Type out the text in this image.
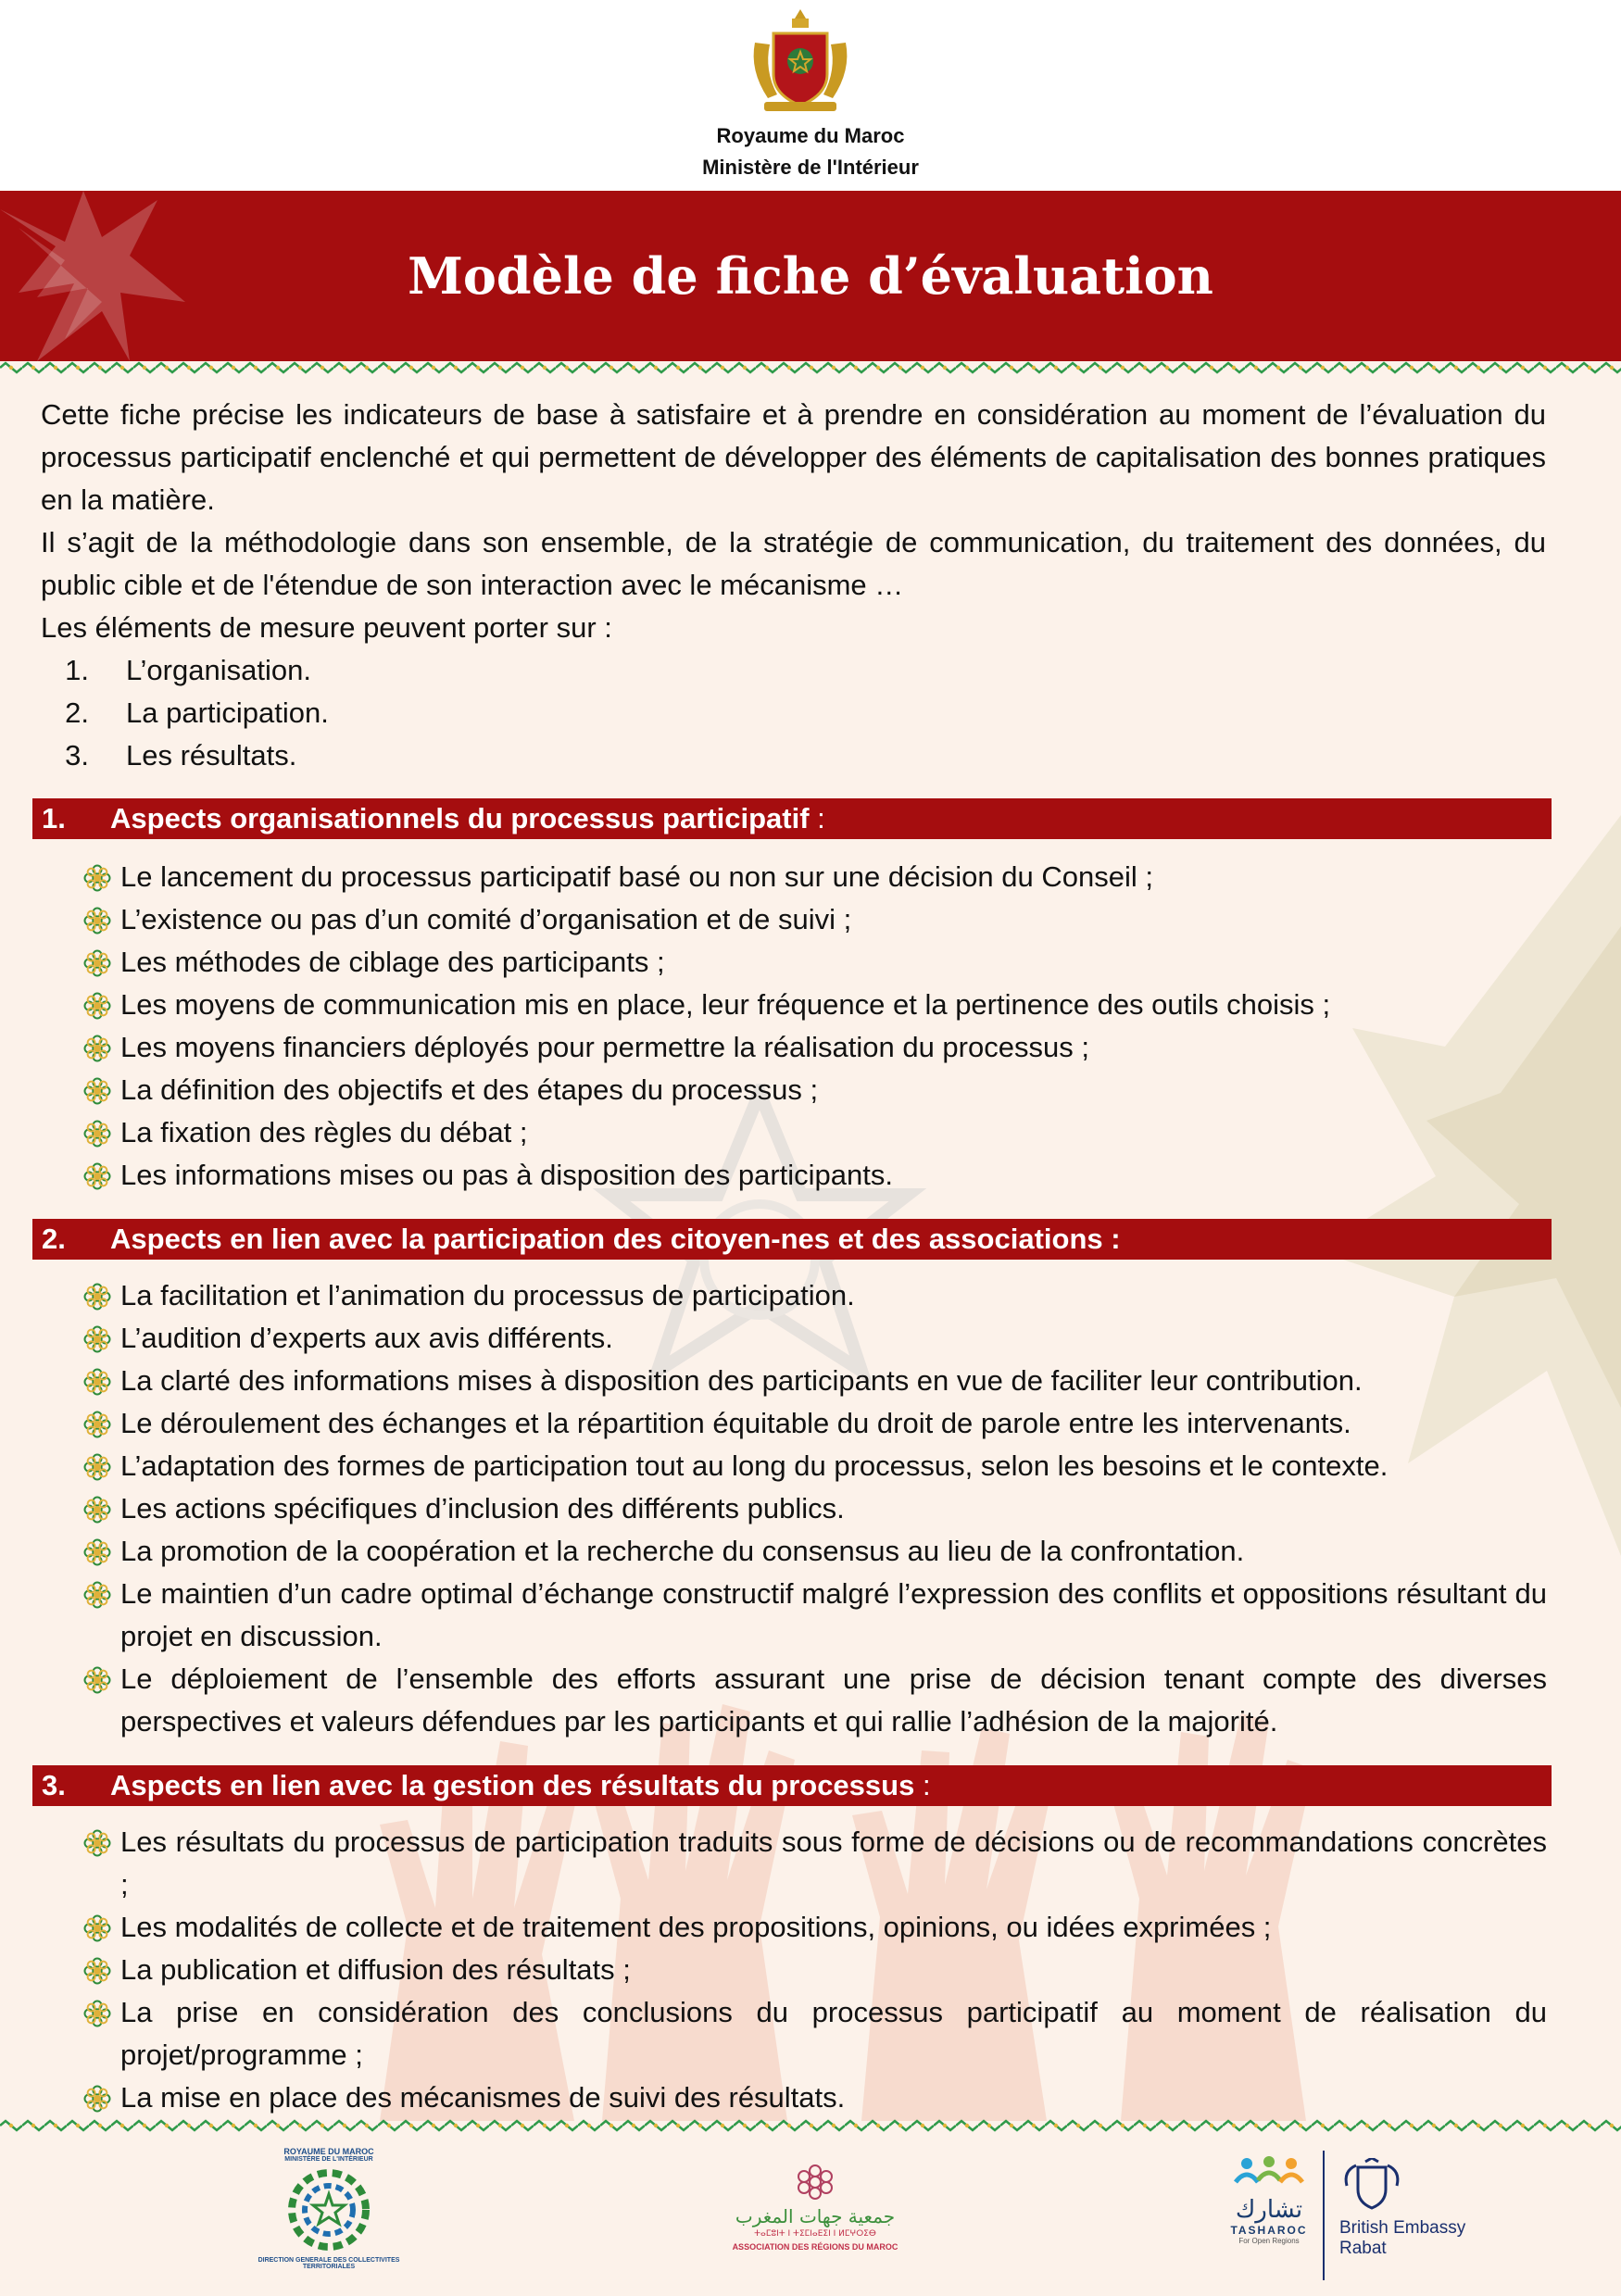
Royaume du Maroc
Ministère de l'Intérieur
Modèle de fiche d’évaluation

Cette fiche précise les indicateurs de base à satisfaire et à prendre en considération au moment de l’évaluation du processus participatif enclenché et qui permettent de développer des éléments de capitalisation des bonnes pratiques en la matière.

Il s’agit de la méthodologie dans son ensemble, de la stratégie de communication, du traitement des données, du public cible et de l'étendue de son interaction avec le mécanisme …

Les éléments de mesure peuvent porter sur :

1. L’organisation.
2. La participation.
3. Les résultats.
1. Aspects organisationnels du processus participatif :
Le lancement du processus participatif basé ou non sur une décision du Conseil ;
L’existence ou pas d’un comité d’organisation et de suivi ;
Les méthodes de ciblage des participants ;
Les moyens de communication mis en place, leur fréquence et la pertinence des outils choisis ;
Les moyens financiers déployés pour permettre la réalisation du processus ;
La définition des objectifs et des étapes du processus ;
La fixation des règles du débat ;
Les informations mises ou pas à disposition des participants.
2. Aspects en lien avec la participation des citoyen-nes et des associations :
La facilitation et l’animation du processus de participation.
L’audition d’experts aux avis différents.
La clarté des informations mises à disposition des participants en vue de faciliter leur contribution.
Le déroulement des échanges et la répartition équitable du droit de parole entre les intervenants.
L’adaptation des formes de participation tout au long du processus, selon les besoins et le contexte.
Les actions spécifiques d’inclusion des différents publics.
La promotion de la coopération et la recherche du consensus au lieu de la confrontation.
Le maintien d’un cadre optimal d’échange constructif malgré l’expression des conflits et oppositions résultant du projet en discussion.
Le déploiement de l’ensemble des efforts assurant une prise de décision tenant compte des diverses perspectives et valeurs défendues par les participants et qui rallie l’adhésion de la majorité.
3. Aspects en lien avec la gestion des résultats du processus :
Les résultats du processus de participation traduits sous forme de décisions ou de recommandations concrètes ;
Les modalités de collecte et de traitement des propositions, opinions, ou idées exprimées ;
La publication et diffusion des résultats ;
La prise en considération des conclusions du processus participatif au moment de réalisation du projet/programme ;
La mise en place des mécanismes de suivi des résultats.
ROYAUME DU MAROC
MINISTÈRE DE L'INTÉRIEUR
DIRECTION GENERALE DES COLLECTIVITES TERRITORIALES
جمعية جهات المغرب
ⵜⴰⵎⵓⵏⵜ ⵏ ⵜⵉⵎⵏⴰⴹⵉⵏ ⵏ ⵍⵎⵖⵔⵉⴱ
ASSOCIATION DES RÉGIONS DU MAROC
تشارك
TASHAROC
For Open Regions
British Embassy
Rabat
